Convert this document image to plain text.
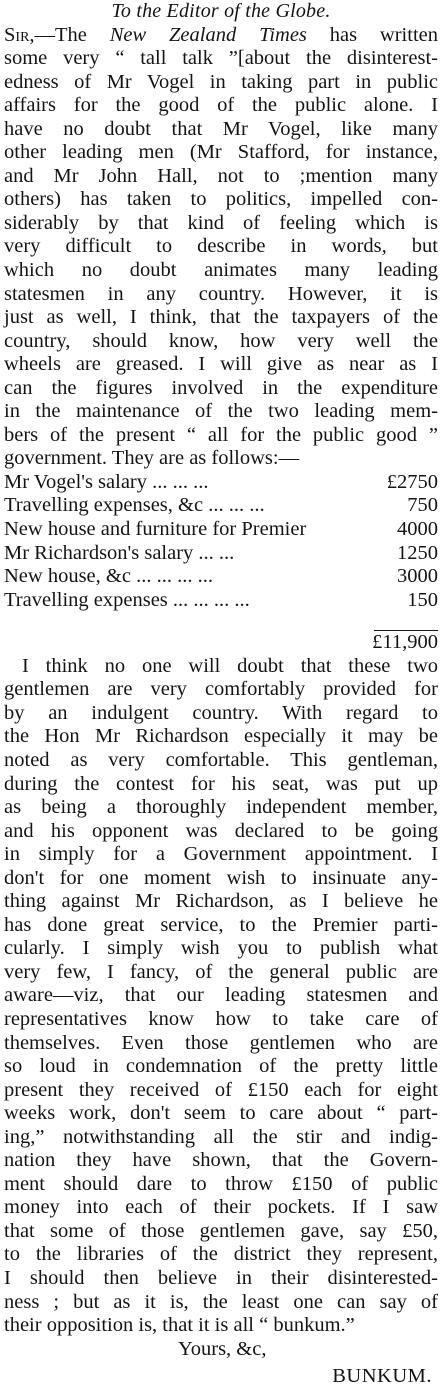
To the Editor of the Globe.
Sir,—The New Zealand Times has written
some very “ tall talk ”[about the disinterest-
edness of Mr Vogel in taking part in public
affairs for the good of the public alone. I
have no doubt that Mr Vogel, like many
other leading men (Mr Stafford, for instance,
and Mr John Hall, not to ;mention many
others) has taken to politics, impelled con-
siderably by that kind of feeling which is
very difficult to describe in words, but
which no doubt animates many leading
statesmen in any country. However, it is
just as well, I think, that the taxpayers of the
country, should know, how very well the
wheels are greased. I will give as near as I
can the figures involved in the expenditure
in the maintenance of the two leading mem-
bers of the present “ all for the public good ”
government. They are as follows:—
Mr Vogel's salary ... ... ...	£2750
Travelling expenses, &c ... ... ...	750
New house and furniture for Premier	4000
Mr Richardson's salary ... ...	1250
New house, &c ... ... ... ...	3000
Travelling expenses ... ... ... ...	150
£11,900
I think no one will doubt that these two
gentlemen are very comfortably provided for
by an indulgent country. With regard to
the Hon Mr Richardson especially it may be
noted as very comfortable. This gentleman,
during the contest for his seat, was put up
as being a thoroughly independent member,
and his opponent was declared to be going
in simply for a Government appointment. I
don't for one moment wish to insinuate any-
thing against Mr Richardson, as I believe he
has done great service, to the Premier parti-
cularly. I simply wish you to publish what
very few, I fancy, of the general public are
aware—viz, that our leading statesmen and
representatives know how to take care of
themselves. Even those gentlemen who are
so loud in condemnation of the pretty little
present they received of £150 each for eight
weeks work, don't seem to care about “ part-
ing,” notwithstanding all the stir and indig-
nation they have shown, that the Govern-
ment should dare to throw £150 of public
money into each of their pockets. If I saw
that some of those gentlemen gave, say £50,
to the libraries of the district they represent,
I should then believe in their disinterested-
ness ; but as it is, the least one can say of
their opposition is, that it is all “ bunkum.”
Yours, &c,
BUNKUM.
